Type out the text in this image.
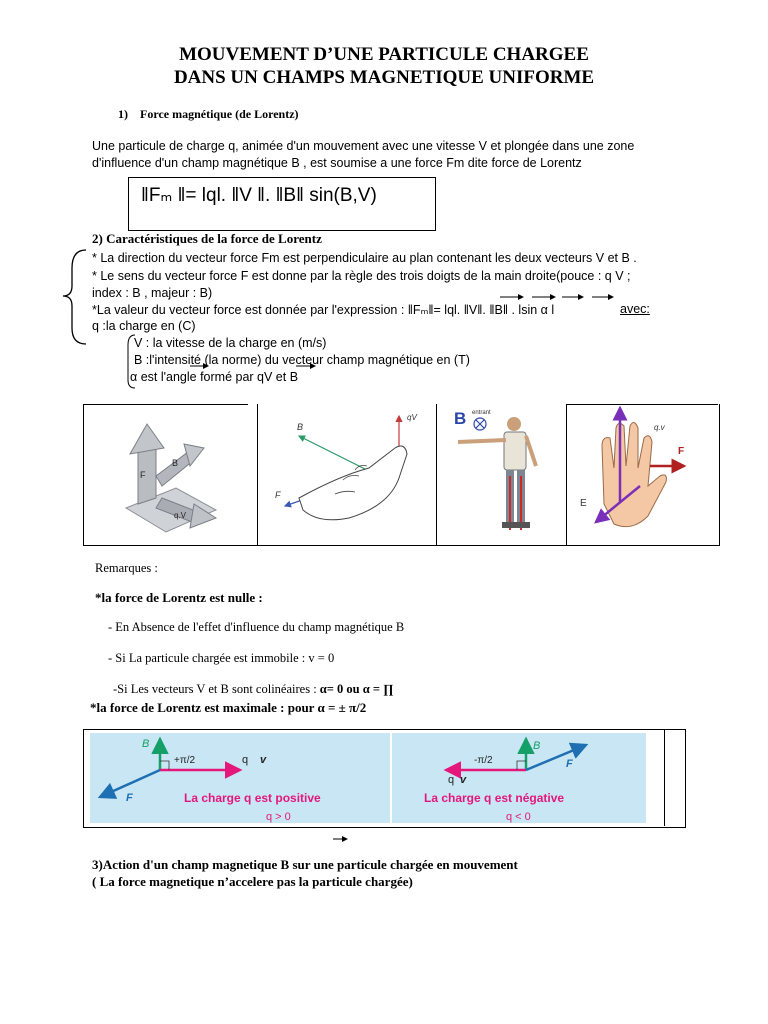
MOUVEMENT D’UNE PARTICULE CHARGEE
DANS UN CHAMPS MAGNETIQUE UNIFORME
1) Force magnétique (de Lorentz)
Une particule de charge q, animée d'un mouvement avec une vitesse V et plongée dans une zone
d'influence d'un champ magnétique B , est soumise a une force Fm dite force de Lorentz
‖Fₘ ‖= lql. ‖V ‖. ‖B‖ sin(B,V)
2) Caractéristiques de la force de Lorentz
* La direction du vecteur force Fm est perpendiculaire au plan contenant les deux vecteurs V et B .
* Le sens du vecteur force F est donne par la règle des trois doigts de la main droite(pouce : q V ;
index : B , majeur : B)
*La valeur du vecteur force est donnée par l'expression : ‖Fₘ‖= lql. ‖V‖. ‖B‖ . lsin α l	avec:
q :la charge en (C)
V : la vitesse de la charge en (m/s)
B :l'intensité (la norme) du vecteur champ magnétique en (T)
α est l'angle formé par qV et B
F
B
q.V
B
qV
F
B entrant
q.v
F
E
Remarques :
*la force de Lorentz est nulle :
- En Absence de l'effet d'influence du champ magnétique B
- Si La particule chargée est immobile : v = 0
-Si Les vecteurs V et B sont colinéaires : α= 0 ou α = ∏
*la force de Lorentz est maximale : pour α = ± π/2
B
+π/2	q v
F	La charge q est positive
q > 0
B
-π/2
q v
F
La charge q est négative
q < 0
3)Action d'un champ magnetique B sur une particule chargée en mouvement
( La force magnetique n’accelere pas la particule chargée)
